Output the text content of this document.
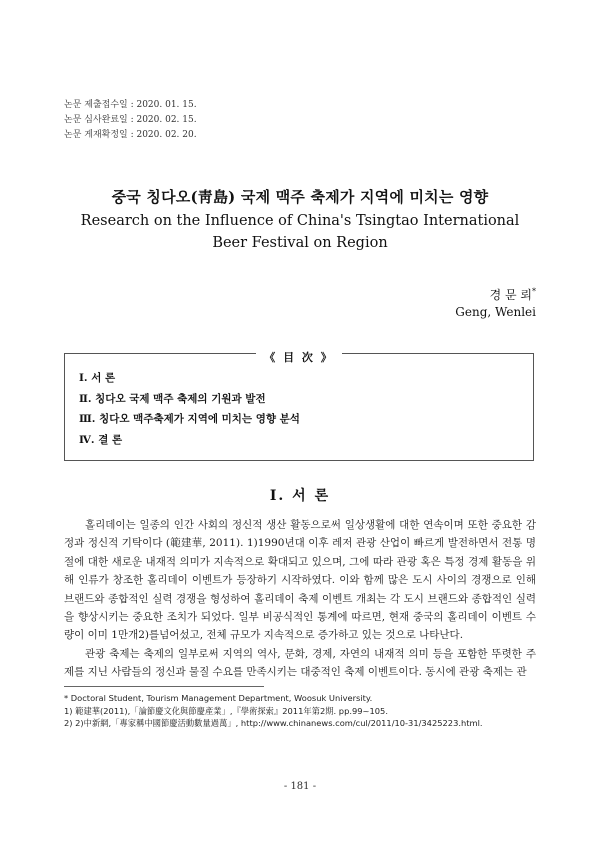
논문 제출접수일 : 2020. 01. 15.
논문 심사완료일 : 2020. 02. 15.
논문 게재확정일 : 2020. 02. 20.
중국 칭다오(靑島) 국제 맥주 축제가 지역에 미치는 영향
Research on the Influence of China's Tsingtao International
Beer Festival on Region
경 문 뢰*
Geng, Wenlei
《 目 次 》
Ⅰ. 서 론
Ⅱ. 칭다오 국제 맥주 축제의 기원과 발전
Ⅲ. 칭다오 맥주축제가 지역에 미치는 영향 분석
Ⅳ. 결 론
Ⅰ. 서 론

홀리데이는 일종의 인간 사회의 정신적 생산 활동으로써 일상생활에 대한 연속이며 또한 중요한 감정과 정신적 기탁이다 (範建華, 2011). 1)1990년대 이후 레저 관광 산업이 빠르게 발전하면서 전통 명절에 대한 새로운 내재적 의미가 지속적으로 확대되고 있으며, 그에 따라 관광 혹은 특정 경제 활동을 위해 인류가 창조한 홀리데이 이벤트가 등장하기 시작하였다. 이와 함께 많은 도시 사이의 경쟁으로 인해 브랜드와 종합적인 실력 경쟁을 형성하여 홀리데이 축제 이벤트 개최는 각 도시 브랜드와 종합적인 실력을 향상시키는 중요한 조치가 되었다. 일부 비공식적인 통계에 따르면, 현재 중국의 홀리데이 이벤트 수량이 이미 1만개2)를넘어섰고, 전체 규모가 지속적으로 증가하고 있는 것으로 나타난다.

관광 축제는 축제의 일부로써 지역의 역사, 문화, 경제, 자연의 내재적 의미 등을 포함한 뚜렷한 주제를 지닌 사람들의 정신과 물질 수요를 만족시키는 대중적인 축제 이벤트이다. 동시에 관광 축제는 관

* Doctoral Student, Tourism Management Department, Woosuk University.
1) 範建華(2011),「論節慶文化與節慶產業」,『學術探索』2011年第2期. pp.99~105.
2) 2)中新網,「專家稱中國節慶活動數量過萬」, http://www.chinanews.com/cul/2011/10-31/3425223.html.
- 181 -
